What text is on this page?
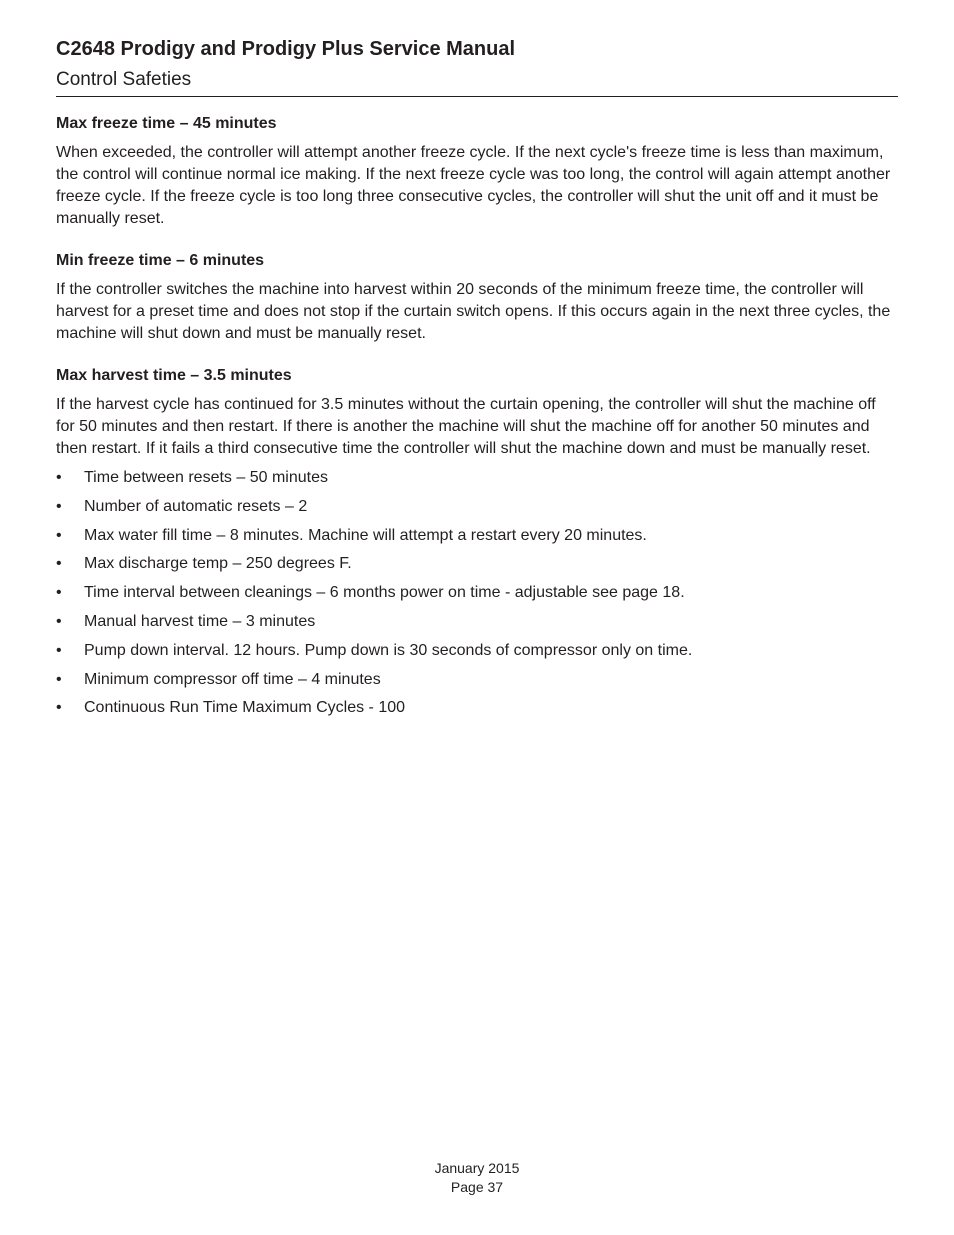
C2648 Prodigy and Prodigy Plus Service Manual
Control Safeties
Max freeze time – 45 minutes
When exceeded, the controller will attempt another freeze cycle. If the next cycle's freeze time is less than maximum, the control will continue normal ice making. If the next freeze cycle was too long, the control will again attempt another freeze cycle. If the freeze cycle is too long three consecutive cycles, the controller will shut the unit off and it must be manually reset.
Min freeze time – 6 minutes
If the controller switches the machine into harvest within 20 seconds of the minimum freeze time, the controller will harvest for a preset time and does not stop if the curtain switch opens. If this occurs again in the next three cycles, the machine will shut down and must be manually reset.
Max harvest time – 3.5 minutes
If the harvest cycle has continued for 3.5 minutes without the curtain opening, the controller will shut the machine off for 50 minutes and then restart. If there is another the machine will shut the machine off for another 50 minutes and then restart. If it fails a third consecutive time the controller will shut the machine down and must be manually reset.
• Time between resets – 50 minutes
• Number of automatic resets – 2
• Max water fill time – 8 minutes. Machine will attempt a restart every 20 minutes.
• Max discharge temp – 250 degrees F.
• Time interval between cleanings – 6 months power on time - adjustable see page 18.
• Manual harvest time – 3 minutes
• Pump down interval. 12 hours. Pump down is 30 seconds of compressor only on time.
• Minimum compressor off time – 4 minutes
• Continuous Run Time Maximum Cycles - 100
January 2015
Page 37
